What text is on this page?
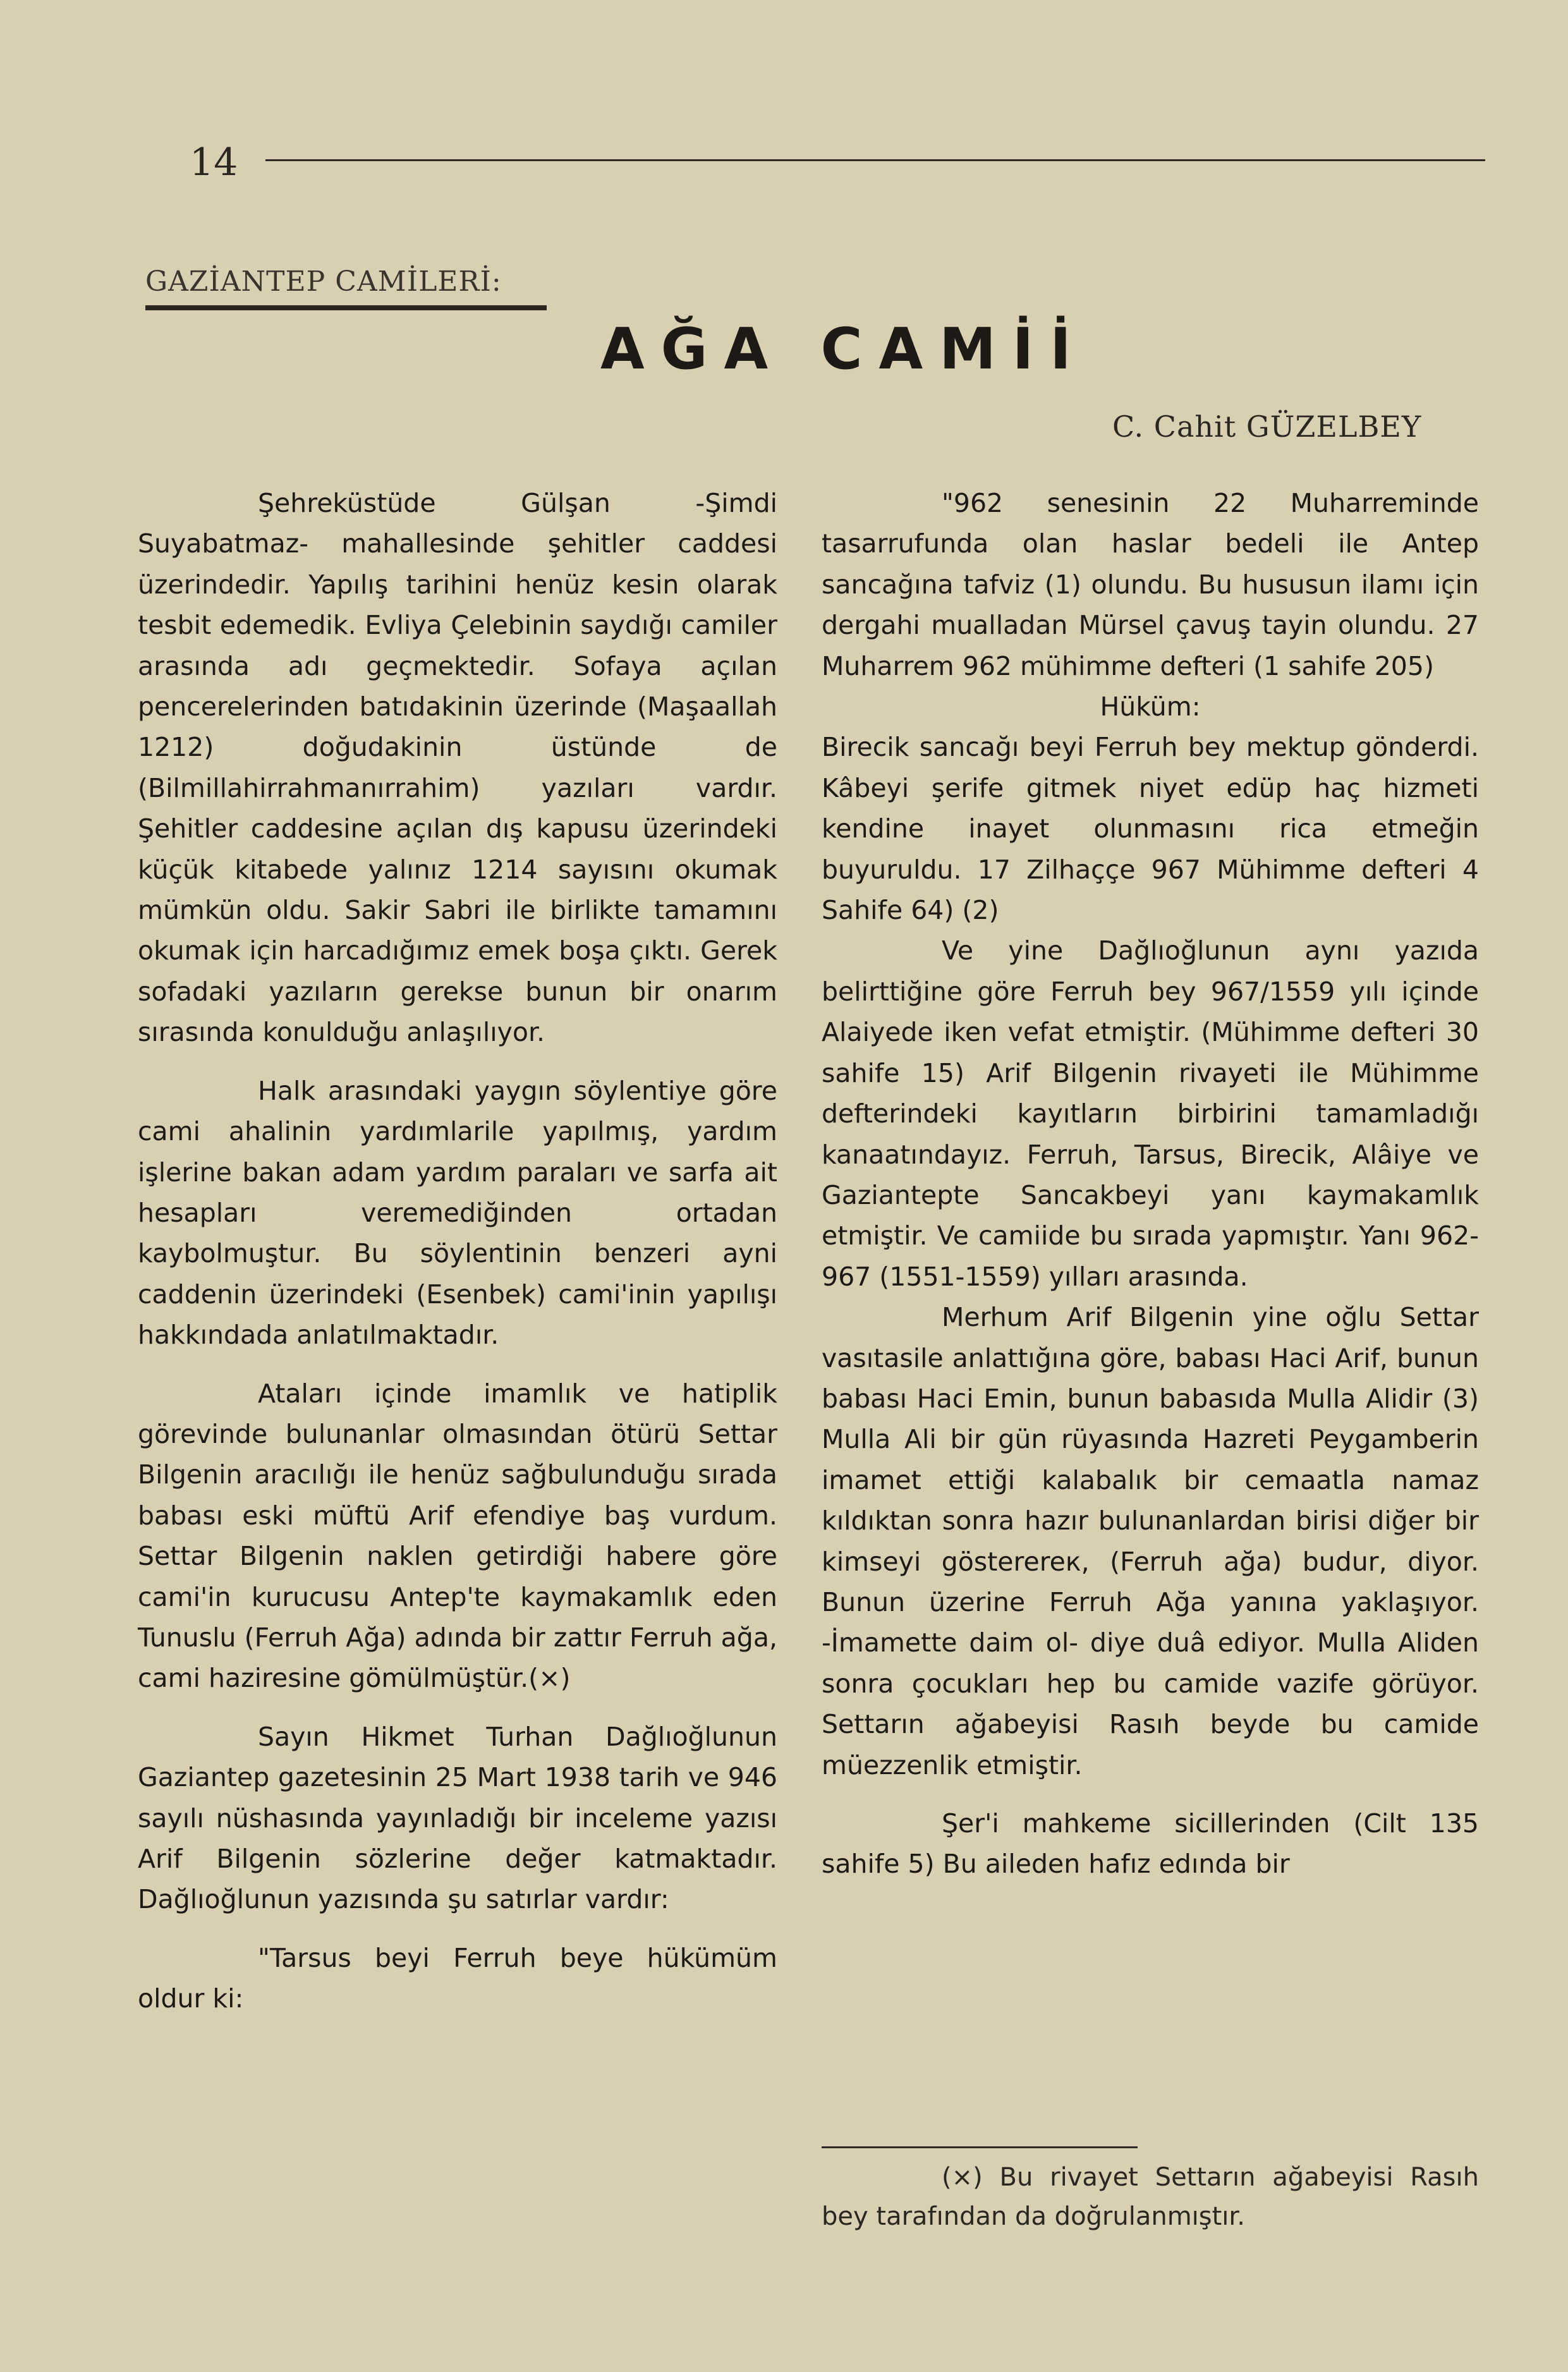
14
GAZİANTEP CAMİLERİ:
AĞA CAMİİ
C. Cahit GÜZELBEY

Şehreküstüde Gülşan -Şimdi Suyabatmaz- mahallesinde şehitler caddesi üzerindedir. Yapılış tarihini henüz kesin olarak tesbit edemedik. Evliya Çelebinin saydığı camiler arasında adı geçmektedir. Sofaya açılan pencerelerinden batıdakinin üzerinde (Maşaallah 1212) doğudakinin üstünde de (Bilmillahirrahmanırrahim) yazıları vardır. Şehitler caddesine açılan dış kapusu üzerindeki küçük kitabede yalınız 1214 sayısını okumak mümkün oldu. Sakir Sabri ile birlikte tamamını okumak için harcadığımız emek boşa çıktı. Gerek sofadaki yazıların gerekse bunun bir onarım sırasında konulduğu anlaşılıyor.

Halk arasındaki yaygın söylentiye göre cami ahalinin yardımlarile yapılmış, yardım işlerine bakan adam yardım paraları ve sarfa ait hesapları veremediğinden ortadan kaybolmuştur. Bu söylentinin benzeri ayni caddenin üzerindeki (Esenbek) cami'inin yapılışı hakkındada anlatılmaktadır.

Ataları içinde imamlık ve hatiplik görevinde bulunanlar olmasından ötürü Settar Bilgenin aracılığı ile henüz sağbulunduğu sırada babası eski müftü Arif efendiye baş vurdum. Settar Bilgenin naklen getirdiği habere göre cami'in kurucusu Antep'te kaymakamlık eden Tunuslu (Ferruh Ağa) adında bir zattır Ferruh ağa, cami haziresine gömülmüştür.(×)

Sayın Hikmet Turhan Dağlıoğlunun Gaziantep gazetesinin 25 Mart 1938 tarih ve 946 sayılı nüshasında yayınladığı bir inceleme yazısı Arif Bilgenin sözlerine değer katmaktadır. Dağlıoğlunun yazısında şu satırlar vardır:

"Tarsus beyi Ferruh beye hükümüm oldur ki:

"962 senesinin 22 Muharreminde tasarrufunda olan haslar bedeli ile Antep sancağına tafviz (1) olundu. Bu hususun ilamı için dergahi mualladan Mürsel çavuş tayin olundu. 27 Muharrem 962 mühimme defteri (1 sahife 205)

Hüküm:

Birecik sancağı beyi Ferruh bey mektup gönderdi. Kâbeyi şerife gitmek niyet edüp haç hizmeti kendine inayet olunmasını rica etmeğin buyuruldu. 17 Zilhaççe 967 Mühimme defteri 4 Sahife 64) (2)

Ve yine Dağlıoğlunun aynı yazıda belirttiğine göre Ferruh bey 967/1559 yılı içinde Alaiyede iken vefat etmiştir. (Mühimme defteri 30 sahife 15) Arif Bilgenin rivayeti ile Mühimme defterindeki kayıtların birbirini tamamladığı kanaatındayız. Ferruh, Tarsus, Birecik, Alâiye ve Gaziantepte Sancakbeyi yanı kaymakamlık etmiştir. Ve camiide bu sırada yapmıştır. Yanı 962-967 (1551-1559) yılları arasında.

Merhum Arif Bilgenin yine oğlu Settar vasıtasile anlattığına göre, babası Haci Arif, bunun babası Haci Emin, bunun babasıda Mulla Alidir (3) Mulla Ali bir gün rüyasında Hazreti Peygamberin imamet ettiği kalabalık bir cemaatla namaz kıldıktan sonra hazır bulunanlardan birisi diğer bir kimseyi gösterereк, (Ferruh ağa) budur, diyor. Bunun üzerine Ferruh Ağa yanına yaklaşıyor. -İmamette daim ol- diye duâ ediyor. Mulla Aliden sonra çocukları hep bu camide vazife görüyor. Settarın ağabeyisi Rasıh beyde bu camide müezzenlik etmiştir.

Şer'i mahkeme sicillerinden (Cilt 135 sahife 5) Bu aileden hafız edında bir

(×) Bu rivayet Settarın ağabeyisi Rasıh bey tarafından da doğrulanmıştır.
